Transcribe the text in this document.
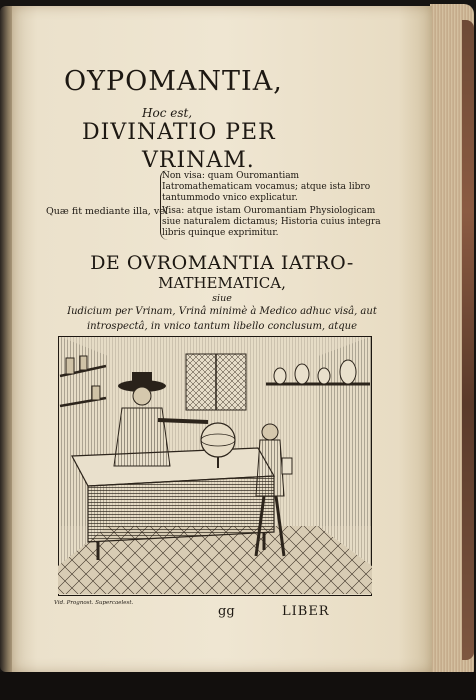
OYPOMANTIA,
Hoc est,
DIVINATIO PER
VRINAM.
Quæ fit mediante illa, vel

Non visa: quam Ouromantiam Iatromathematicam vocamus; atque ista libro tantummodo vnico explicatur.

Visa: atque istam Ouromantiam Physiologicam siue naturalem dictamus; Historia cuius integra libris quinque exprimitur.

DE OVROMANTIA IATRO-
MATHEMATICA,
siue
Iudicium per Vrinam, Vrinâ minimè à Medico adhuc visâ, aut introspectâ, in vnico tantum libello conclusum, atque
Vid. Prognost. Supercaelest.
gg	LIBER
